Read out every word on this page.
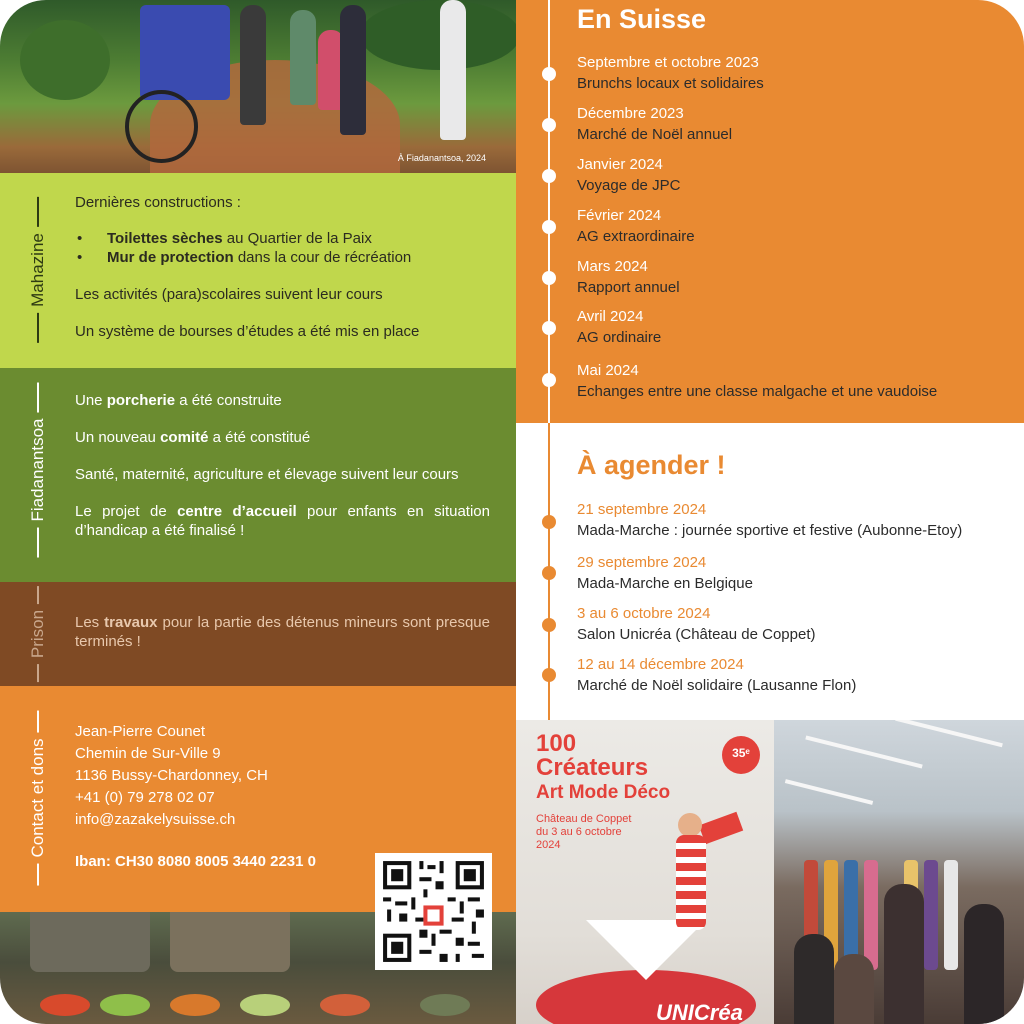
À Fiadanantsoa, 2024
Mahazine

Dernières constructions :

• Toilettes sèches au Quartier de la Paix
• Mur de protection dans la cour de récréation

Les activités (para)scolaires suivent leur cours

Un système de bourses d’études a été mis en place

Fiadanantsoa

Une porcherie a été construite

Un nouveau comité a été constitué

Santé, maternité, agriculture et élevage suivent leur cours

Le projet de centre d’accueil pour enfants en situation d’handicap a été finalisé !

Prison Les travaux pour la partie des détenus mineurs sont presque terminés !

Contact et dons

Jean-Pierre Counet

Chemin de Sur-Ville 9

1136 Bussy-Chardonney, CH

+41 (0) 79 278 02 07

info@zazakelysuisse.ch

Iban: CH30 8080 8005 3440 2231 0

En Suisse
Septembre et octobre 2023
Brunchs locaux et solidaires
Décembre 2023
Marché de Noël annuel
Janvier 2024
Voyage de JPC
Février 2024
AG extraordinaire
Mars 2024
Rapport annuel
Avril 2024
AG ordinaire
Mai 2024
Echanges entre une classe malgache et une vaudoise
À agender !
21 septembre 2024
Mada-Marche : journée sportive et festive (Aubonne-Etoy)
29 septembre 2024
Mada-Marche en Belgique
3 au 6 octobre 2024
Salon Unicréa (Château de Coppet)
12 au 14 décembre 2024
Marché de Noël solidaire (Lausanne Flon)
100
Créateurs
Art Mode Déco
Château de Coppet
du 3 au 6 octobre
2024
35ᵉ
UNICréa
